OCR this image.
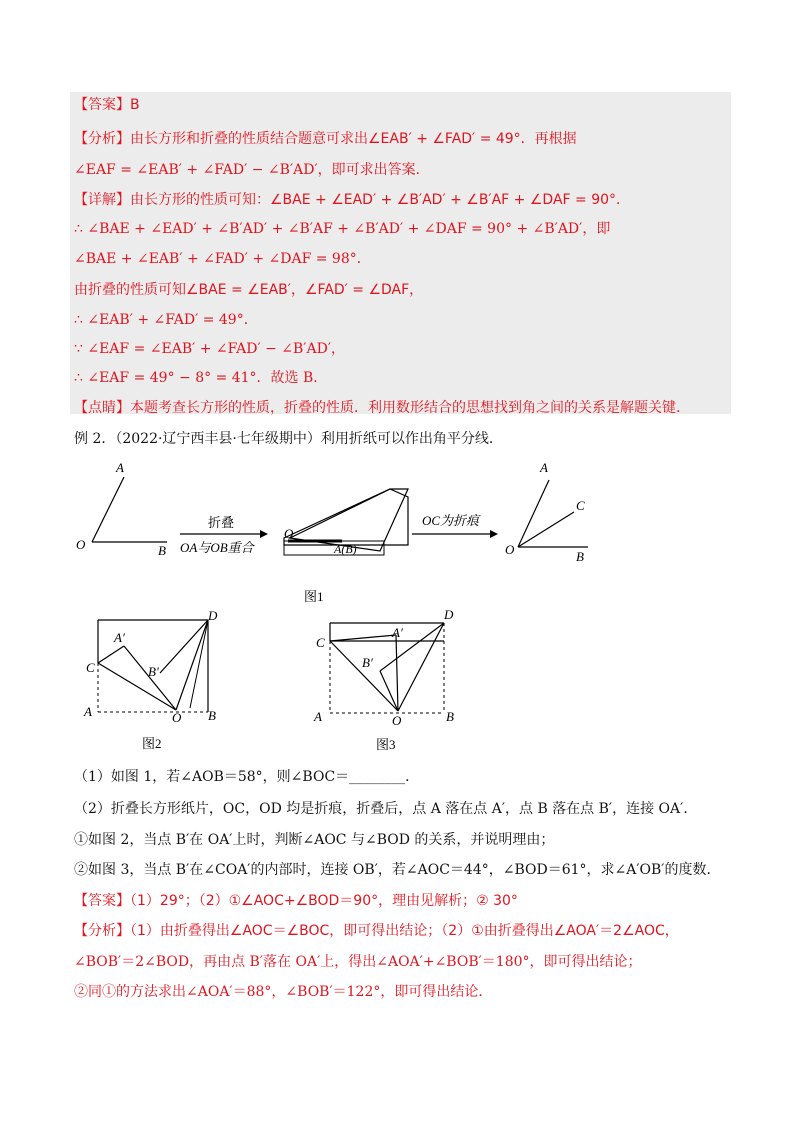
【答案】B
【分析】由长方形和折叠的性质结合题意可求出∠EAB′ + ∠FAD′ = 49°．再根据
∠EAF = ∠EAB′ + ∠FAD′ − ∠B′AD′，即可求出答案．
【详解】由长方形的性质可知：∠BAE + ∠EAD′ + ∠B′AD′ + ∠B′AF + ∠DAF = 90°．
∴ ∠BAE + ∠EAD′ + ∠B′AD′ + ∠B′AF + ∠B′AD′ + ∠DAF = 90° + ∠B′AD′，即
∠BAE + ∠EAB′ + ∠FAD′ + ∠DAF = 98°．
由折叠的性质可知∠BAE = ∠EAB′，∠FAD′ = ∠DAF，
∴ ∠EAB′ + ∠FAD′ = 49°．
∵ ∠EAF = ∠EAB′ + ∠FAD′ − ∠B′AD′，
∴ ∠EAF = 49° − 8° = 41°．故选 B．
【点睛】本题考查长方形的性质，折叠的性质．利用数形结合的思想找到角之间的关系是解题关键．
例 2．（2022·辽宁西丰县·七年级期中）利用折纸可以作出角平分线．
A
O	B
折叠
OA与OB重合
O
A(B)
OC为折痕
A
C
O	B
图1
A	B
C
D
O
A′
B′
图2
A	B
C
D
O
A′
B′
图3
（1）如图 1，若∠AOB＝58°，则∠BOC＝________．
（2）折叠长方形纸片，OC，OD 均是折痕，折叠后，点 A 落在点 A′，点 B 落在点 B′，连接 OA′．
①如图 2，当点 B′在 OA′上时，判断∠AOC 与∠BOD 的关系，并说明理由；
②如图 3，当点 B′在∠COA′的内部时，连接 OB′，若∠AOC＝44°，∠BOD＝61°，求∠A′OB′的度数．
【答案】（1）29°；（2）①∠AOC+∠BOD＝90°，理由见解析；② 30°
【分析】（1）由折叠得出∠AOC＝∠BOC，即可得出结论；（2）①由折叠得出∠AOA′＝2∠AOC，
∠BOB′＝2∠BOD，再由点 B′落在 OA′上，得出∠AOA′+∠BOB′＝180°，即可得出结论；
②同①的方法求出∠AOA′＝88°，∠BOB′＝122°，即可得出结论．
